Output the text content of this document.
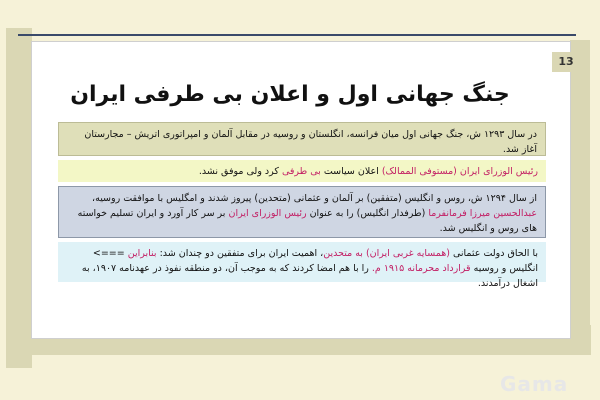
13
جنگ جهانی اول و اعلان بی طرفی ایران
در سال ۱۲۹۳ ش، جنگ جهانی اول میان فرانسه، انگلستان و روسیه در مقابل آلمان و امپراتوری اتریش – مجارستان آغاز شد.
رئیس الوزرای ایران (مستوفی الممالک) اعلان سیاست بی طرفی کرد ولی موفق نشد.
از سال ۱۲۹۴ ش، روس و انگلیس (متفقین) بر آلمان و عثمانی (متحدین) پیروز شدند و امگلیس با موافقت روسیه، عبدالحسین میرزا فرمانفرما (طرفدار انگلیس) را به عنوان رئیس الوزرای ایران بر سر کار آورد و ایران تسلیم خواسته های روس و انگلیس شد.
با الحاق دولت عثمانی (همسایه غربی ایران) به متحدین، اهمیت ایران برای متفقین دو چندان شد: بنابراین ===> انگلیس و روسیه قرارداد محرمانه ۱۹۱۵ م. را با هم امضا کردند که به موجب آن، دو منطقه نفوذ در عهدنامه ۱۹۰۷، به اشغال درآمدند.
Gama
